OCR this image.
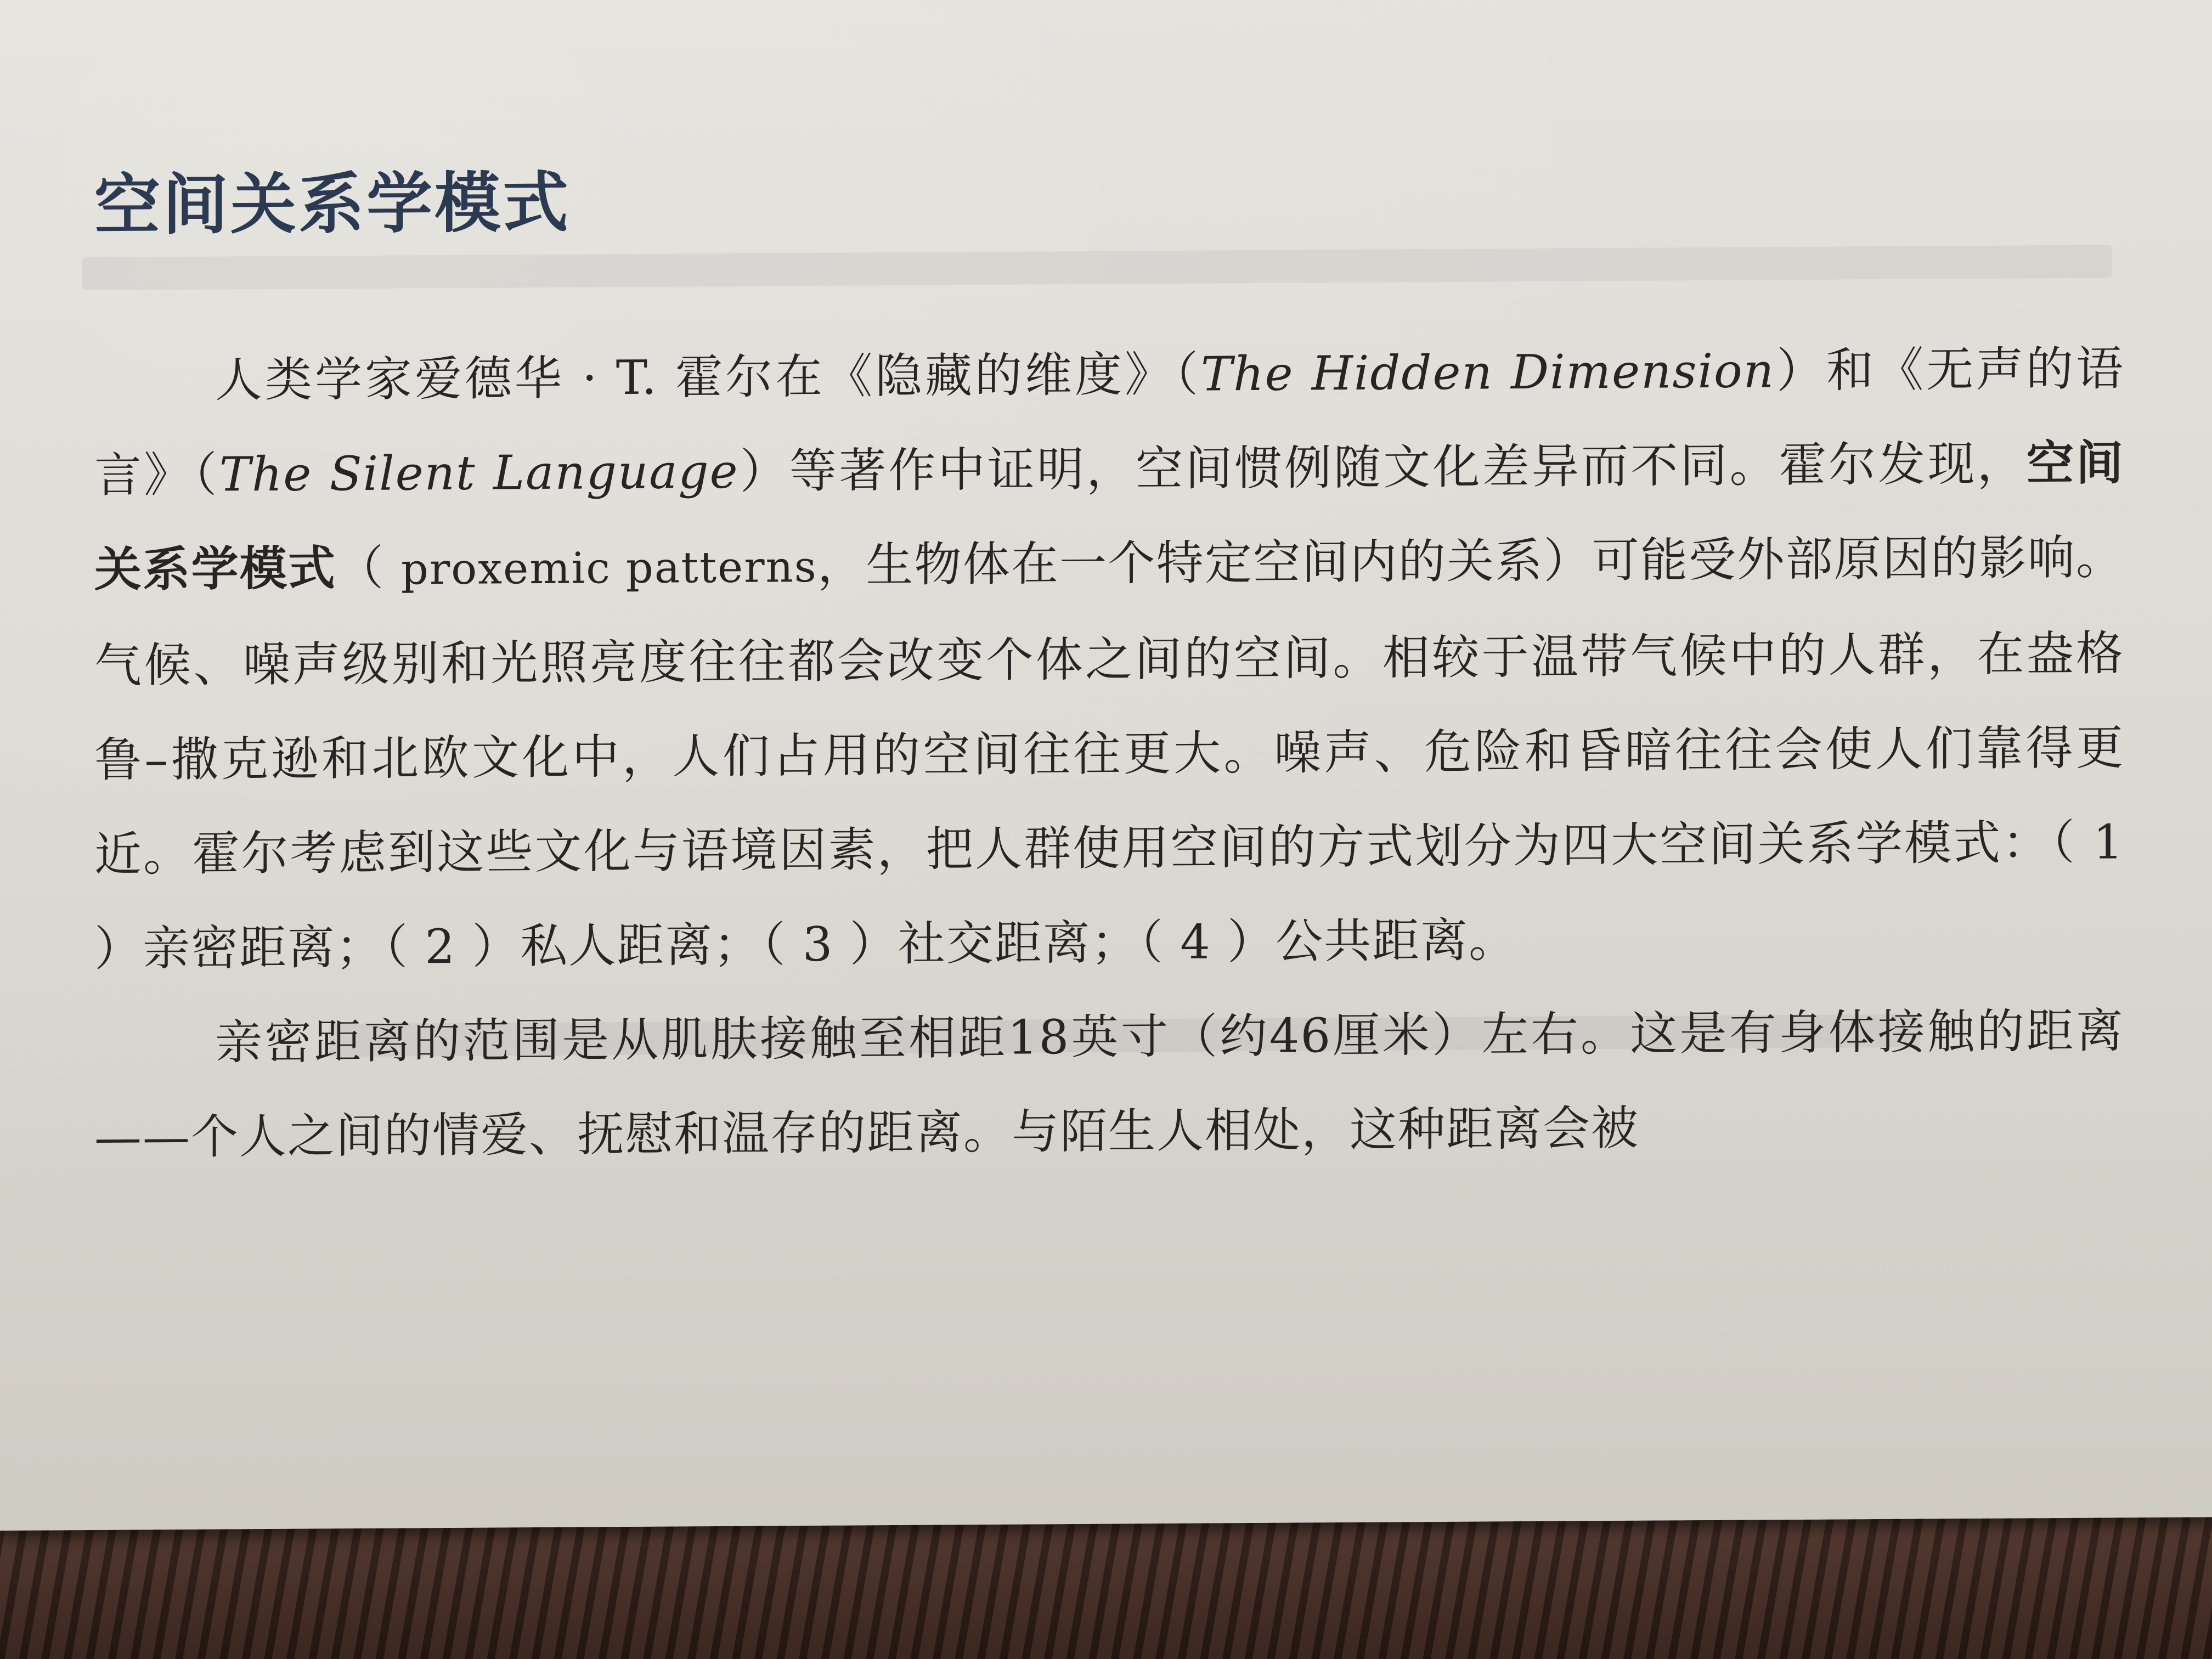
空间关系学模式

人类学家爱德华 · T. 霍尔在《隐藏的维度》（The Hidden Dimension）和《无声的语言》（The Silent Language）等著作中证明，空间惯例随文化差异而不同。霍尔发现，空间关系学模式（ proxemic patterns，生物体在一个特定空间内的关系）可能受外部原因的影响。气候、噪声级别和光照亮度往往都会改变个体之间的空间。相较于温带气候中的人群，在盎格鲁–撒克逊和北欧文化中，人们占用的空间往往更大。噪声、危险和昏暗往往会使人们靠得更近。霍尔考虑到这些文化与语境因素，把人群使用空间的方式划分为四大空间关系学模式：（ 1 ）亲密距离；（ 2 ）私人距离；（ 3 ）社交距离；（ 4 ）公共距离。

亲密距离的范围是从肌肤接触至相距18英寸（约46厘米）左右。这是有身体接触的距离——个人之间的情爱、抚慰和温存的距离。与陌生人相处，这种距离会被
